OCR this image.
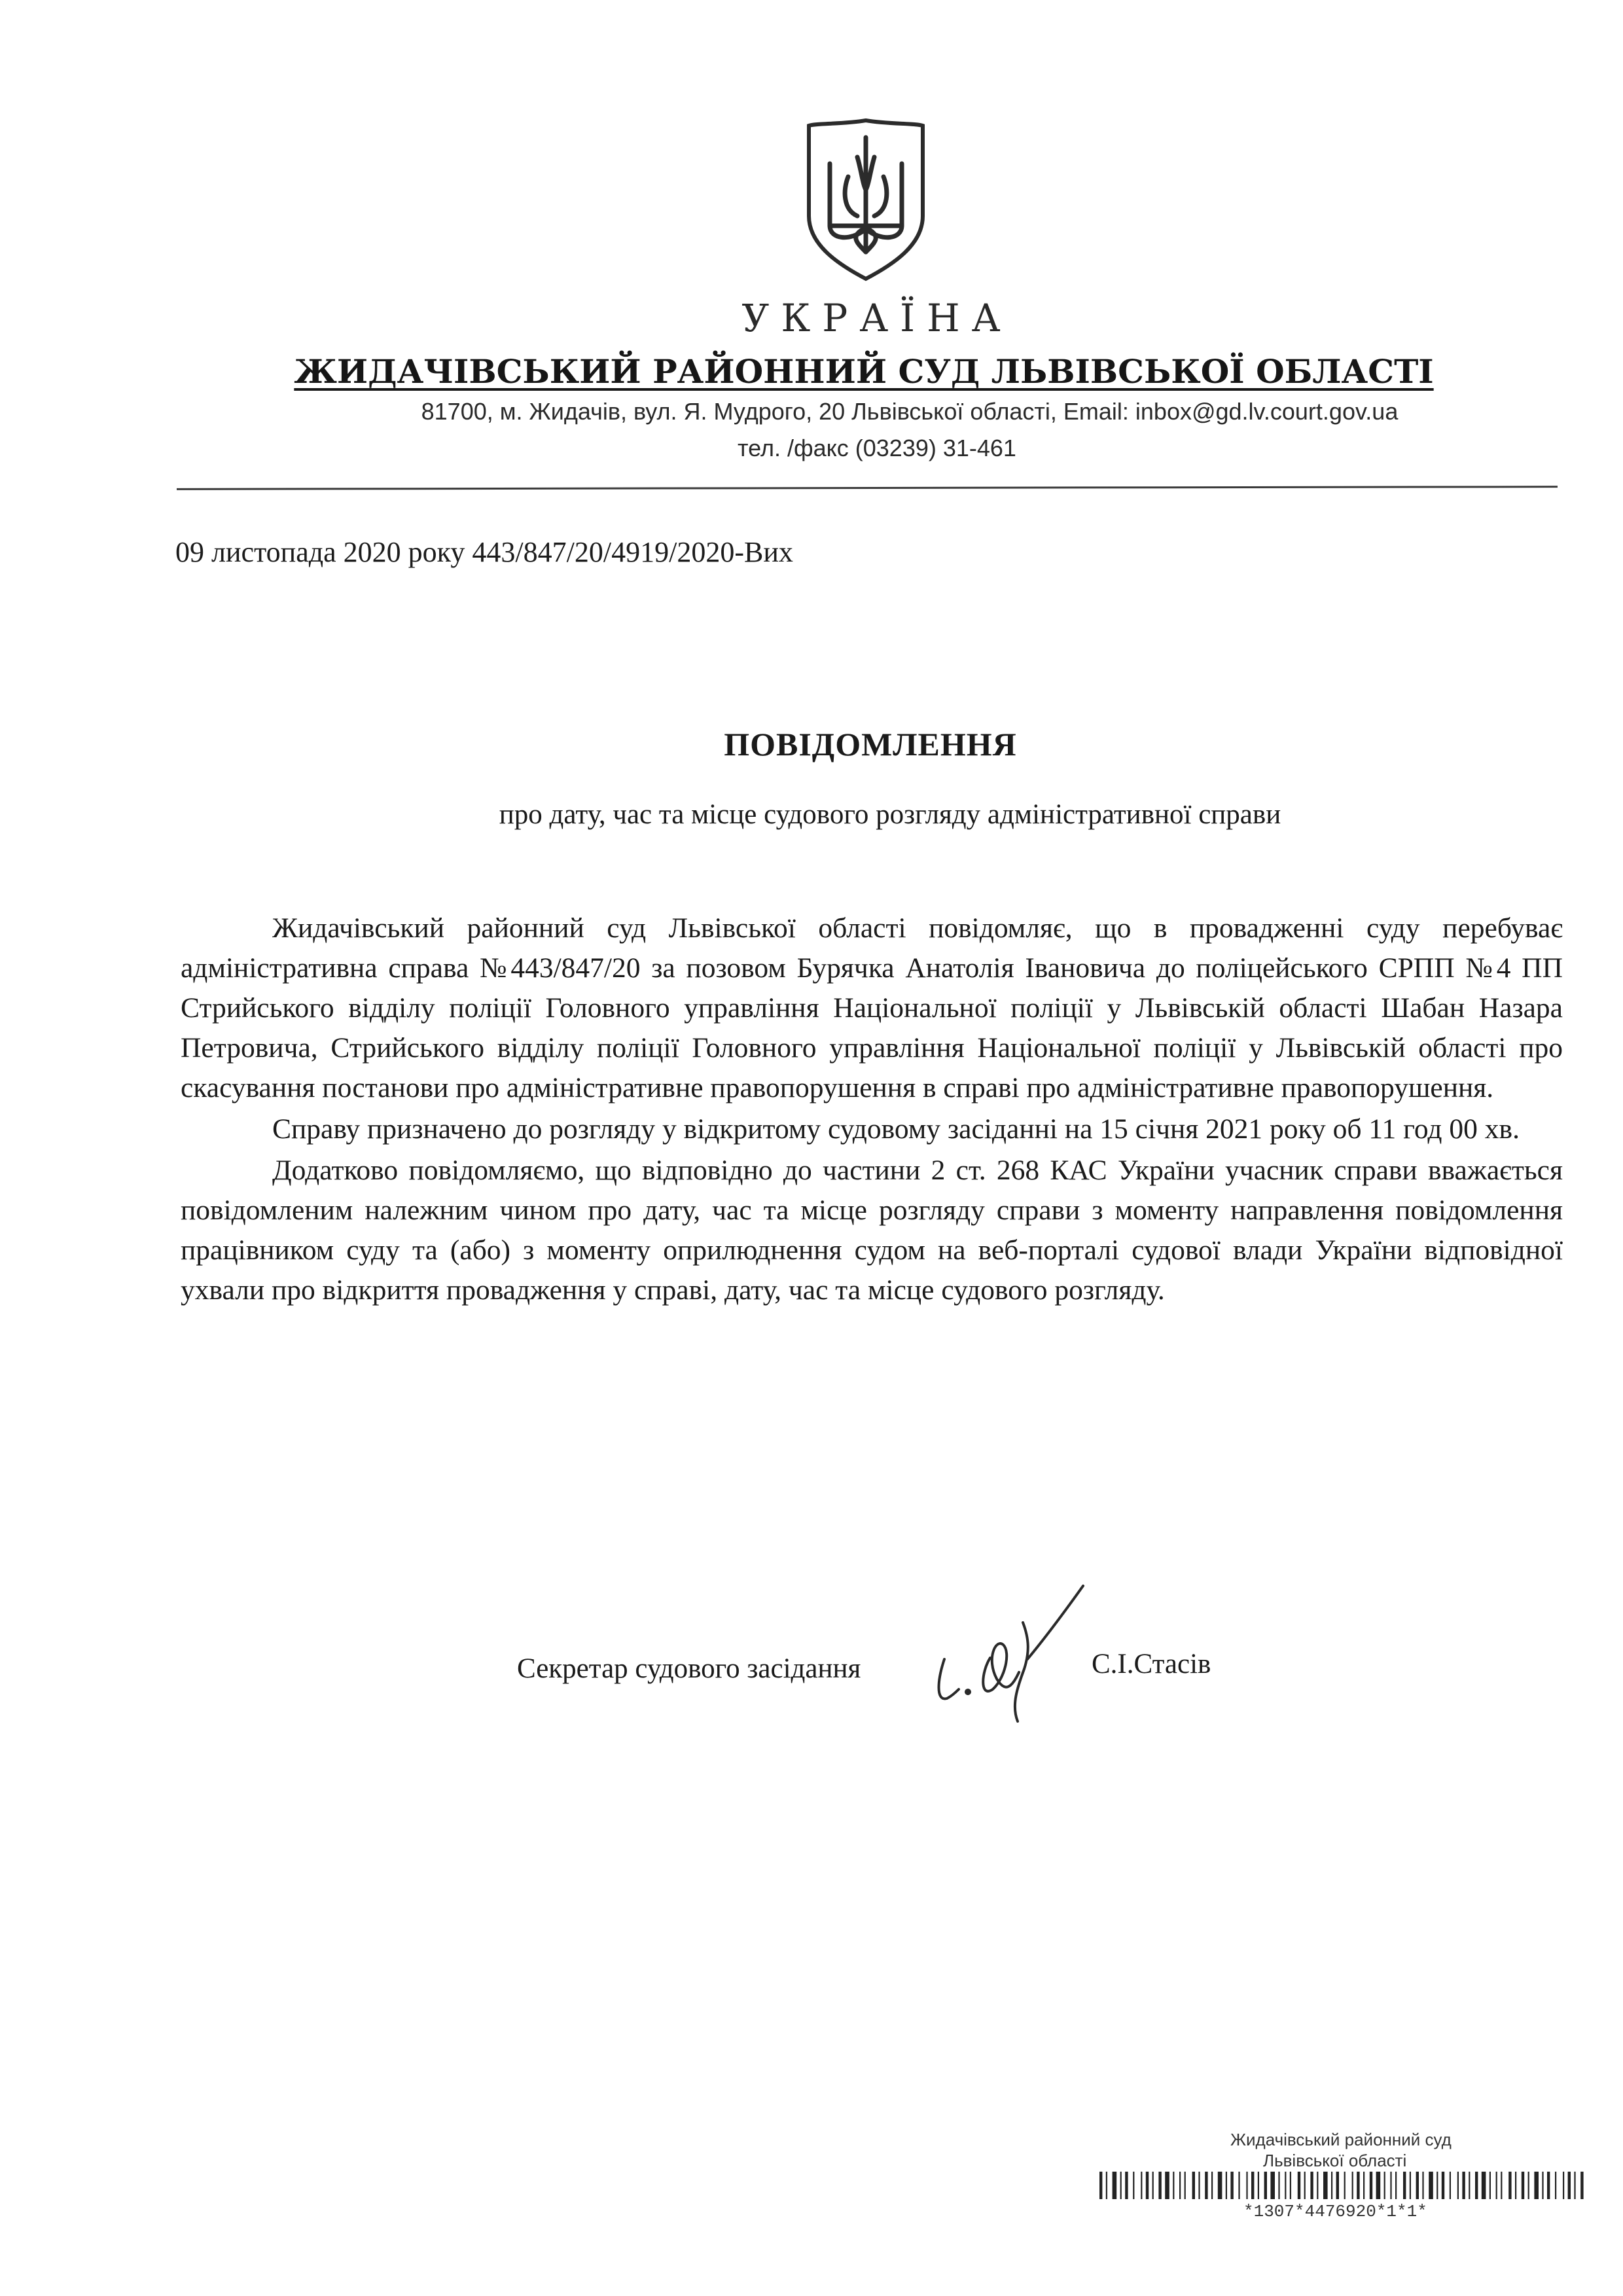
УКРАЇНА
ЖИДАЧІВСЬКИЙ РАЙОННИЙ СУД ЛЬВІВСЬКОЇ ОБЛАСТІ
81700, м. Жидачів, вул. Я. Мудрого, 20 Львівської області, Email: inbox@gd.lv.court.gov.ua
тел. /факс (03239) 31-461
09 листопада 2020 року 443/847/20/4919/2020-Вих
ПОВІДОМЛЕННЯ
про дату, час та місце судового розгляду адміністративної справи

Жидачівський районний суд Львівської області повідомляє, що в провадженні суду перебуває адміністративна справа №443/847/20 за позовом Бурячка Анатолія Івановича до поліцейського СРПП №4 ПП Стрийського відділу поліції Головного управління Національної поліції у Львівській області Шабан Назара Петровича, Стрийського відділу поліції Головного управління Національної поліції у Львівській області про скасування постанови про адміністративне правопорушення в справі про адміністративне правопорушення.

Справу призначено до розгляду у відкритому судовому засіданні на 15 січня 2021 року об 11 год 00 хв.

Додатково повідомляємо, що відповідно до частини 2 ст. 268 КАС України учасник справи вважається повідомленим належним чином про дату, час та місце розгляду справи з моменту направлення повідомлення працівником суду та (або) з моменту оприлюднення судом на веб-порталі судової влади України відповідної ухвали про відкриття провадження у справі, дату, час та місце судового розгляду.

Секретар судового засідання	С.І.Стасів
Жидачівський районний суд
Львівської області
*1307*4476920*1*1*
